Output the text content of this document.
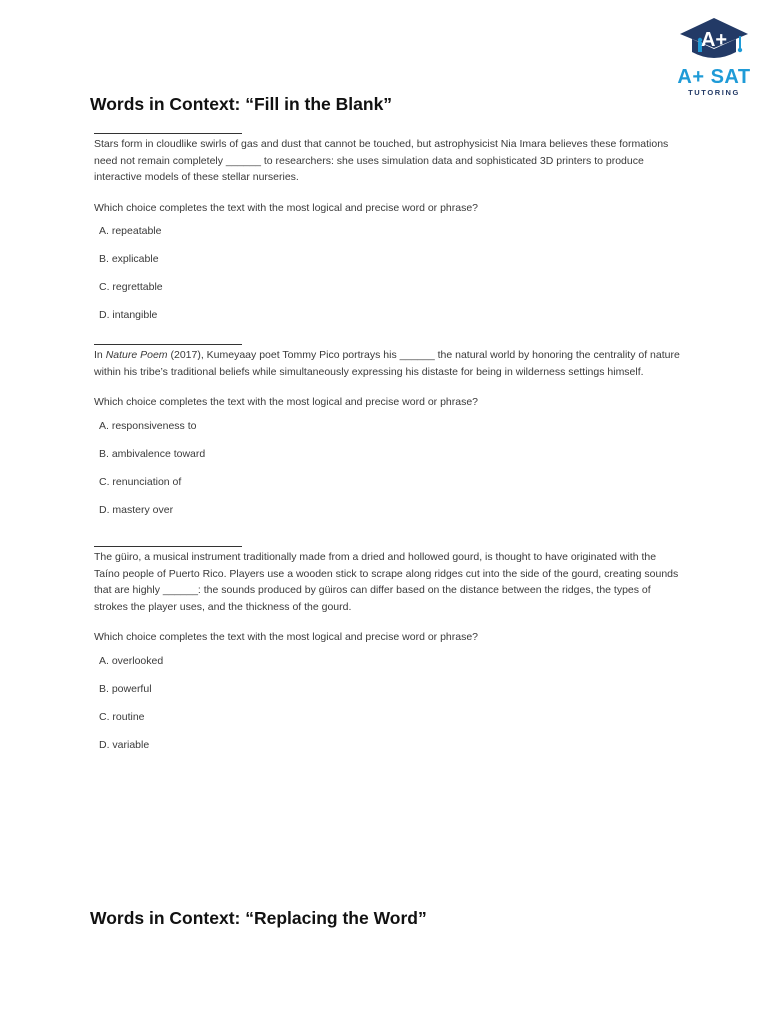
A+
A+ SAT
TUTORING
Words in Context: “Fill in the Blank”

Stars form in cloudlike swirls of gas and dust that cannot be touched, but astrophysicist Nia Imara believes these formations need not remain completely ______ to researchers: she uses simulation data and sophisticated 3D printers to produce interactive models of these stellar nurseries.

Which choice completes the text with the most logical and precise word or phrase?

A. repeatable
B. explicable
C. regrettable
D. intangible

In Nature Poem (2017), Kumeyaay poet Tommy Pico portrays his ______ the natural world by honoring the centrality of nature within his tribe’s traditional beliefs while simultaneously expressing his distaste for being in wilderness settings himself.

Which choice completes the text with the most logical and precise word or phrase?

A. responsiveness to
B. ambivalence toward
C. renunciation of
D. mastery over

The güiro, a musical instrument traditionally made from a dried and hollowed gourd, is thought to have originated with the Taíno people of Puerto Rico. Players use a wooden stick to scrape along ridges cut into the side of the gourd, creating sounds that are highly ______: the sounds produced by güiros can differ based on the distance between the ridges, the types of strokes the player uses, and the thickness of the gourd.

Which choice completes the text with the most logical and precise word or phrase?

A. overlooked
B. powerful
C. routine
D. variable
Words in Context: “Replacing the Word”
